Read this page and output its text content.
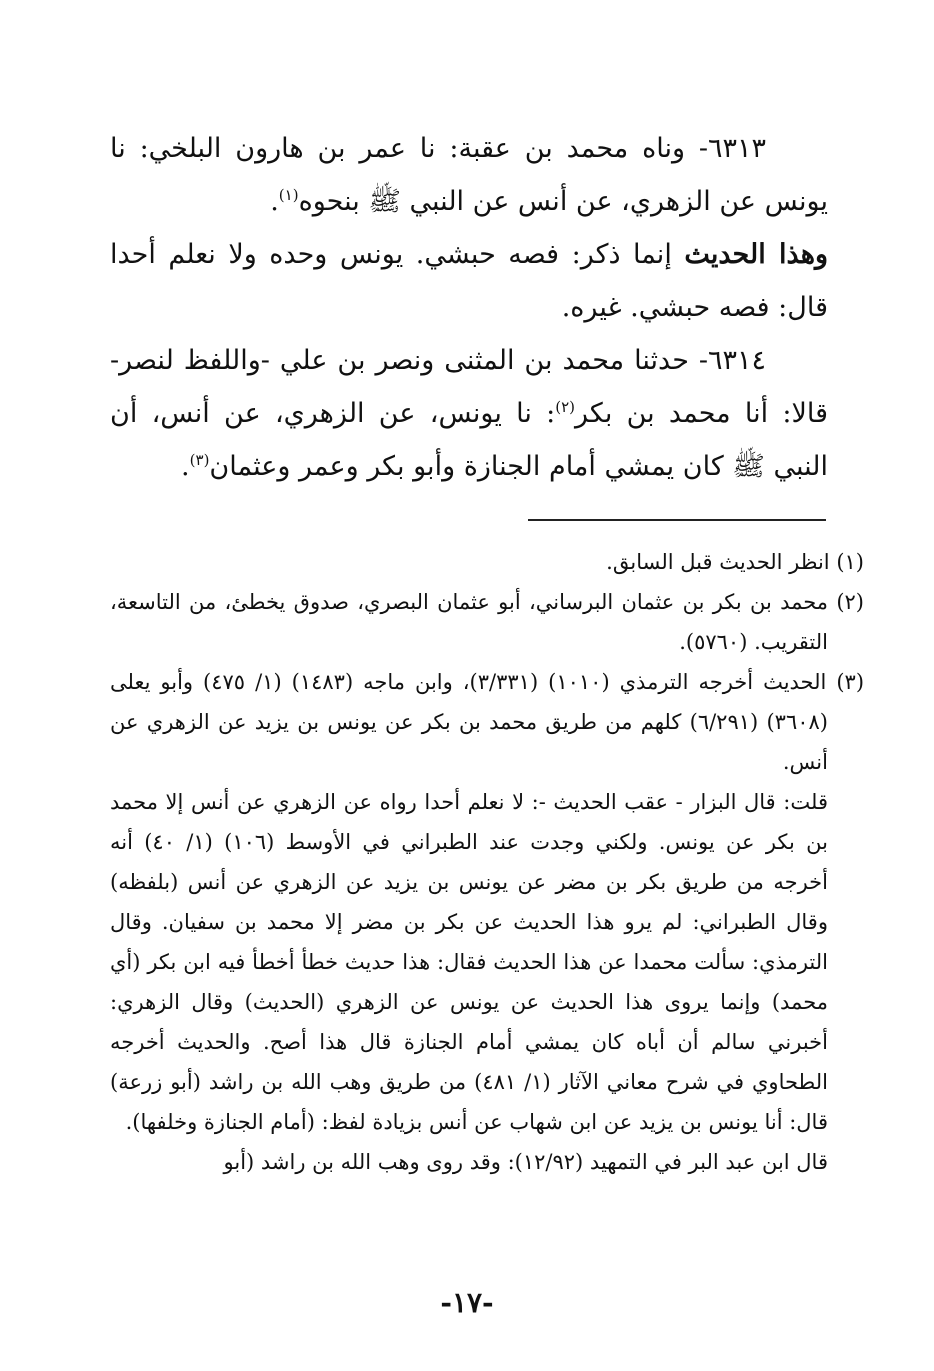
٦٣١٣- وناه محمد بن عقبة: نا عمر بن هارون البلخي: نا يونس عن الزهري، عن أنس عن النبي ﷺ بنحوه$^{(١)}$.

وهذا الحديث إنما ذكر: فصه حبشي. يونس وحده ولا نعلم أحدا قال: فصه حبشي. غيره.

٦٣١٤- حدثنا محمد بن المثنى ونصر بن علي -واللفظ لنصر- قالا: أنا محمد بن بكر$^{(٢)}$: نا يونس، عن الزهري، عن أنس، أن النبي ﷺ كان يمشي أمام الجنازة وأبو بكر وعمر وعثمان$^{(٣)}$.

(١) انظر الحديث قبل السابق.

(٢) محمد بن بكر بن عثمان البرساني، أبو عثمان البصري، صدوق يخطئ، من التاسعة، التقريب. (٥٧٦٠).

(٣) الحديث أخرجه الترمذي (١٠١٠) (٣/٣٣١)، وابن ماجه (١٤٨٣) (١/ ٤٧٥) وأبو يعلى (٣٦٠٨) (٦/٢٩١) كلهم من طريق محمد بن بكر عن يونس بن يزيد عن الزهري عن أنس.

قلت: قال البزار - عقب الحديث -: لا نعلم أحدا رواه عن الزهري عن أنس إلا محمد بن بكر عن يونس. ولكني وجدت عند الطبراني في الأوسط (١٠٦) (١/ ٤٠) أنه أخرجه من طريق بكر بن مضر عن يونس بن يزيد عن الزهري عن أنس (بلفظه) وقال الطبراني: لم يرو هذا الحديث عن بكر بن مضر إلا محمد بن سفيان. وقال الترمذي: سألت محمدا عن هذا الحديث فقال: هذا حديث خطأ أخطأ فيه ابن بكر (أي محمد) وإنما يروى هذا الحديث عن يونس عن الزهري (الحديث) وقال الزهري: أخبرني سالم أن أباه كان يمشي أمام الجنازة قال هذا أصح. والحديث أخرجه الطحاوي في شرح معاني الآثار (١/ ٤٨١) من طريق وهب الله بن راشد (أبو زرعة) قال: أنا يونس بن يزيد عن ابن شهاب عن أنس بزيادة لفظ: (أمام الجنازة وخلفها).

قال ابن عبد البر في التمهيد (١٢/٩٢): وقد روى وهب الله بن راشد (أبو

-١٧-
